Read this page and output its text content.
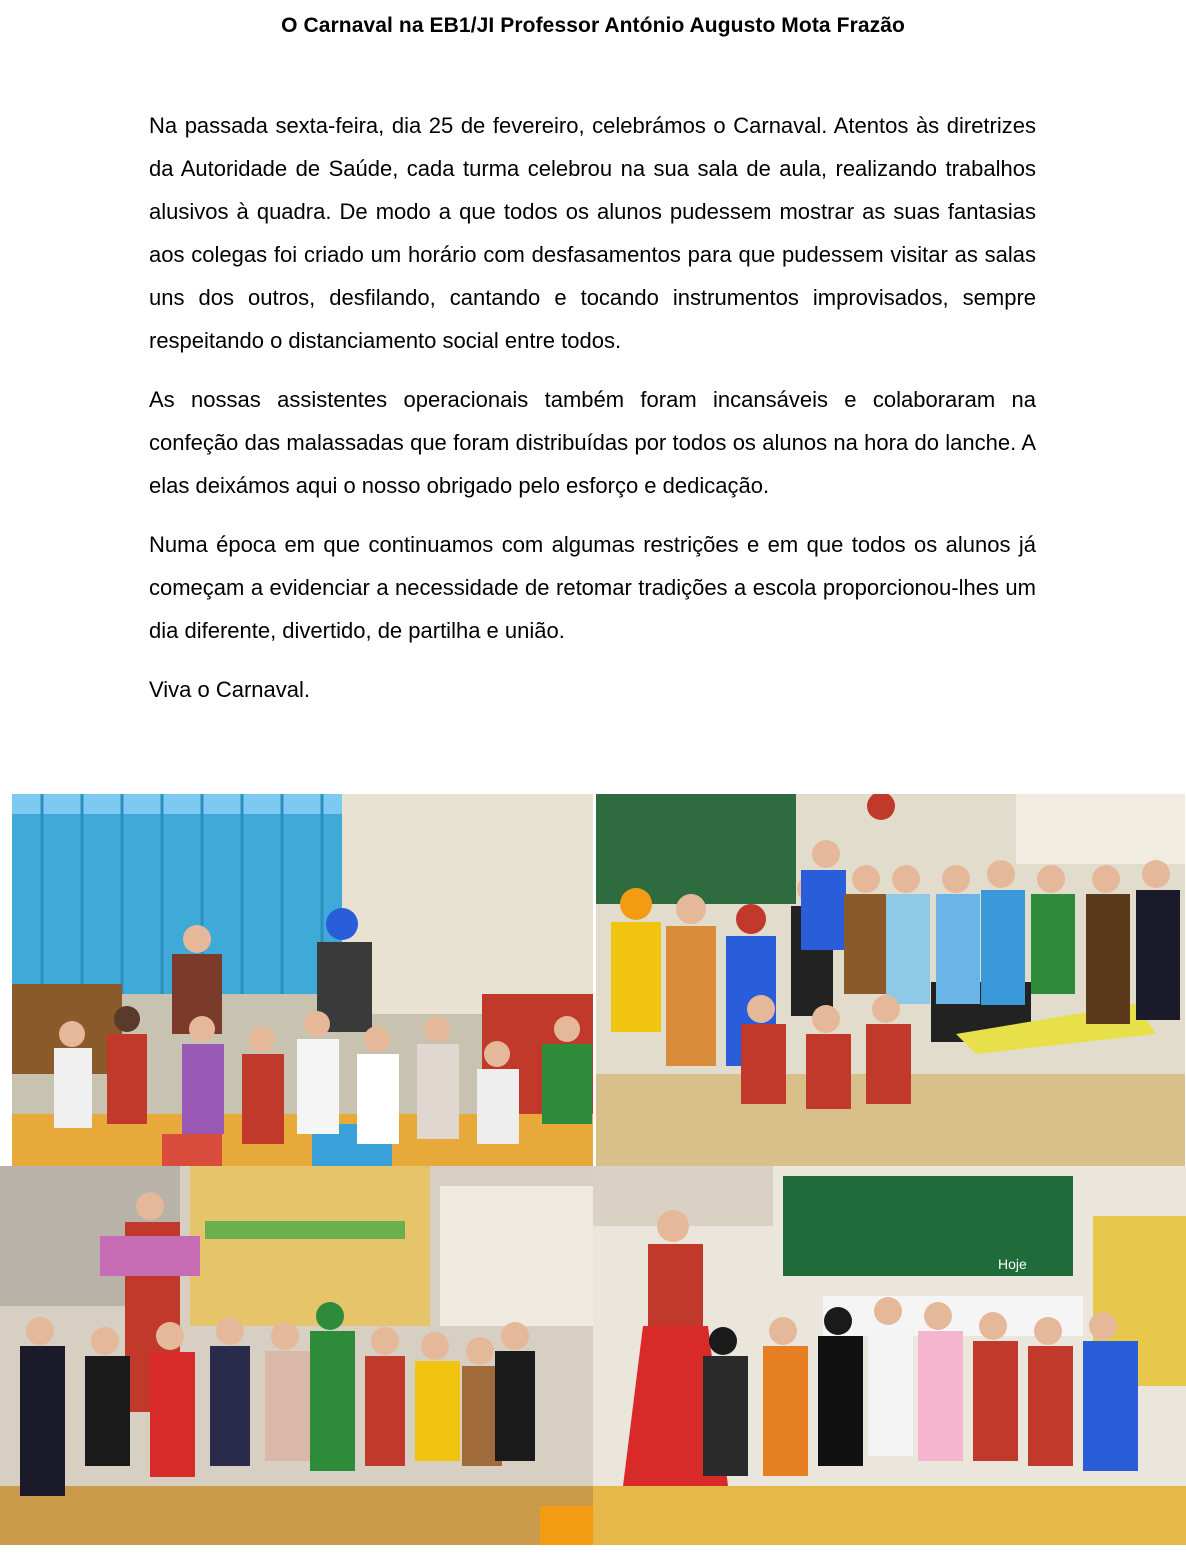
O Carnaval na EB1/JI Professor António Augusto Mota Frazão

Na passada sexta-feira, dia 25 de fevereiro, celebrámos o Carnaval. Atentos às diretrizes da Autoridade de Saúde, cada turma celebrou na sua sala de aula, realizando trabalhos alusivos à quadra. De modo a que todos os alunos pudessem mostrar as suas fantasias aos colegas foi criado um horário com desfasamentos para que pudessem visitar as salas uns dos outros, desfilando, cantando e tocando instrumentos improvisados, sempre respeitando o distanciamento social entre todos.

As nossas assistentes operacionais também foram incansáveis e colaboraram na confeção das malassadas que foram distribuídas por todos os alunos na hora do lanche. A elas deixámos aqui o nosso obrigado pelo esforço e dedicação.

Numa época em que continuamos com algumas restrições e em que todos os alunos já começam a evidenciar a necessidade de retomar tradições a escola proporcionou-lhes um dia diferente, divertido, de partilha e união.

Viva o Carnaval.

Hoje
